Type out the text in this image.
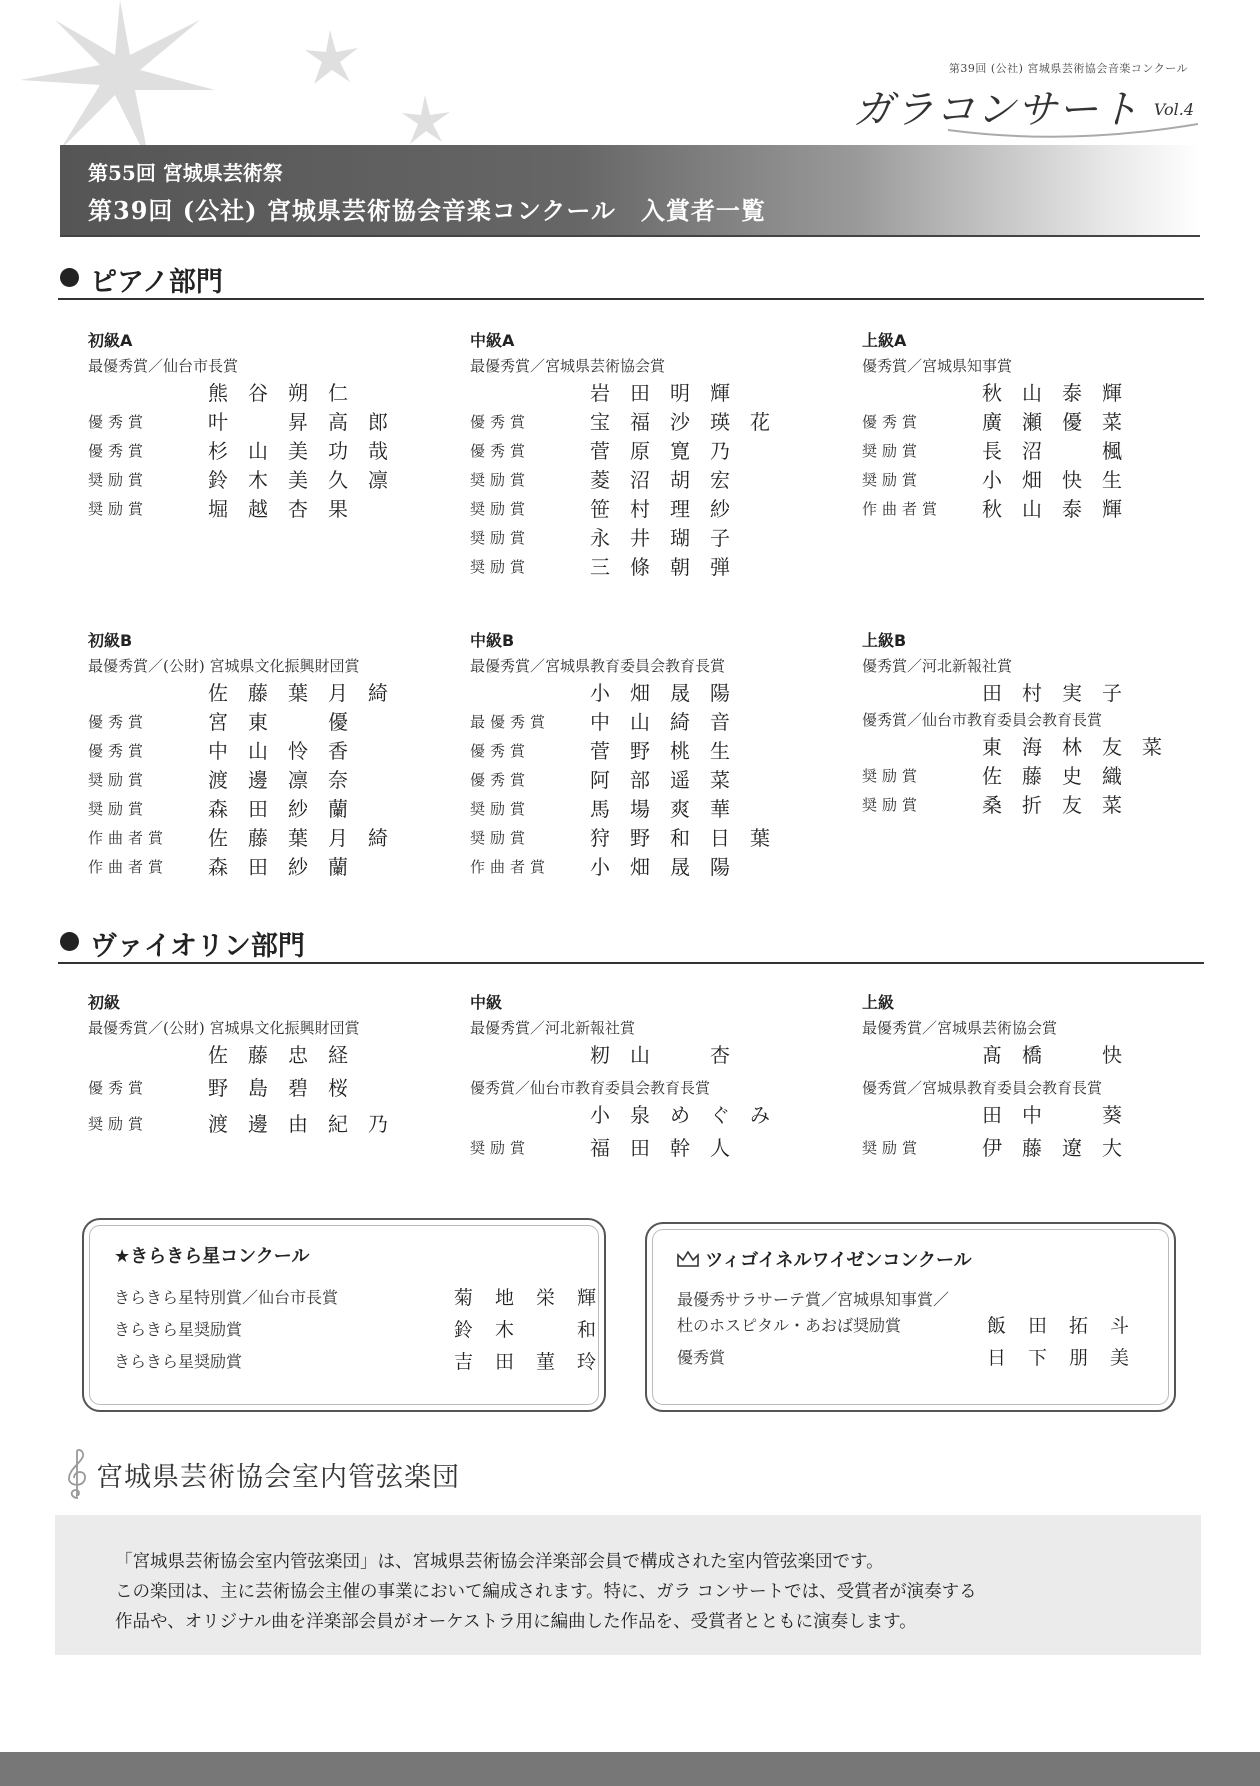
第39回 (公社) 宮城県芸術協会音楽コンクール
ガラコンサート Vol.4
第55回 宮城県芸術祭
第39回 (公社) 宮城県芸術協会音楽コンクール　入賞者一覧
ピアノ部門
初級A
最優秀賞／仙台市長賞
熊谷朔仁
優秀賞	叶　昇高郎
優秀賞	杉山美功哉
奨励賞	鈴木美久凛
奨励賞	堀越杏果
中級A
最優秀賞／宮城県芸術協会賞
岩田明輝
優秀賞	宝福沙瑛花
優秀賞	菅原寛乃
奨励賞	菱沼胡宏
奨励賞	笹村理紗
奨励賞	永井瑚子
奨励賞	三條朝弾
上級A
優秀賞／宮城県知事賞
秋山泰輝
優秀賞	廣瀬優菜
奨励賞	長沼　楓
奨励賞	小畑快生
作曲者賞 秋山泰輝
初級B
最優秀賞／(公財) 宮城県文化振興財団賞
佐藤葉月綺
優秀賞	宮東　優
優秀賞	中山怜香
奨励賞	渡邊凛奈
奨励賞	森田紗蘭
作曲者賞 佐藤葉月綺
作曲者賞 森田紗蘭
中級B
最優秀賞／宮城県教育委員会教育長賞
小畑晟陽
最優秀賞 中山綺音
優秀賞	菅野桃生
優秀賞	阿部遥菜
奨励賞	馬場爽華
奨励賞	狩野和日葉
作曲者賞 小畑晟陽
上級B
優秀賞／河北新報社賞
田村実子
優秀賞／仙台市教育委員会教育長賞
東海林友菜
奨励賞	佐藤史織
奨励賞	桑折友菜
ヴァイオリン部門
初級
最優秀賞／(公財) 宮城県文化振興財団賞
佐藤忠経
優秀賞	野島碧桜
奨励賞	渡邊由紀乃
中級
最優秀賞／河北新報社賞
籾山　杏
優秀賞／仙台市教育委員会教育長賞
小泉めぐみ
奨励賞	福田幹人
上級
最優秀賞／宮城県芸術協会賞
髙橋　快
優秀賞／宮城県教育委員会教育長賞
田中　葵
奨励賞	伊藤遼大
★きらきら星コンクール
きらきら星特別賞／仙台市長賞	菊地栄輝
きらきら星奨励賞	鈴木　和
きらきら星奨励賞	吉田菫玲
ツィゴイネルワイゼンコンクール
最優秀サラサーテ賞／宮城県知事賞／
杜のホスピタル・あおば奨励賞	飯田拓斗
優秀賞	日下朋美
宮城県芸術協会室内管弦楽団

「宮城県芸術協会室内管弦楽団」は、宮城県芸術協会洋楽部会員で構成された室内管弦楽団です。

この楽団は、主に芸術協会主催の事業において編成されます。特に、ガラ コンサートでは、受賞者が演奏する

作品や、オリジナル曲を洋楽部会員がオーケストラ用に編曲した作品を、受賞者とともに演奏します。
